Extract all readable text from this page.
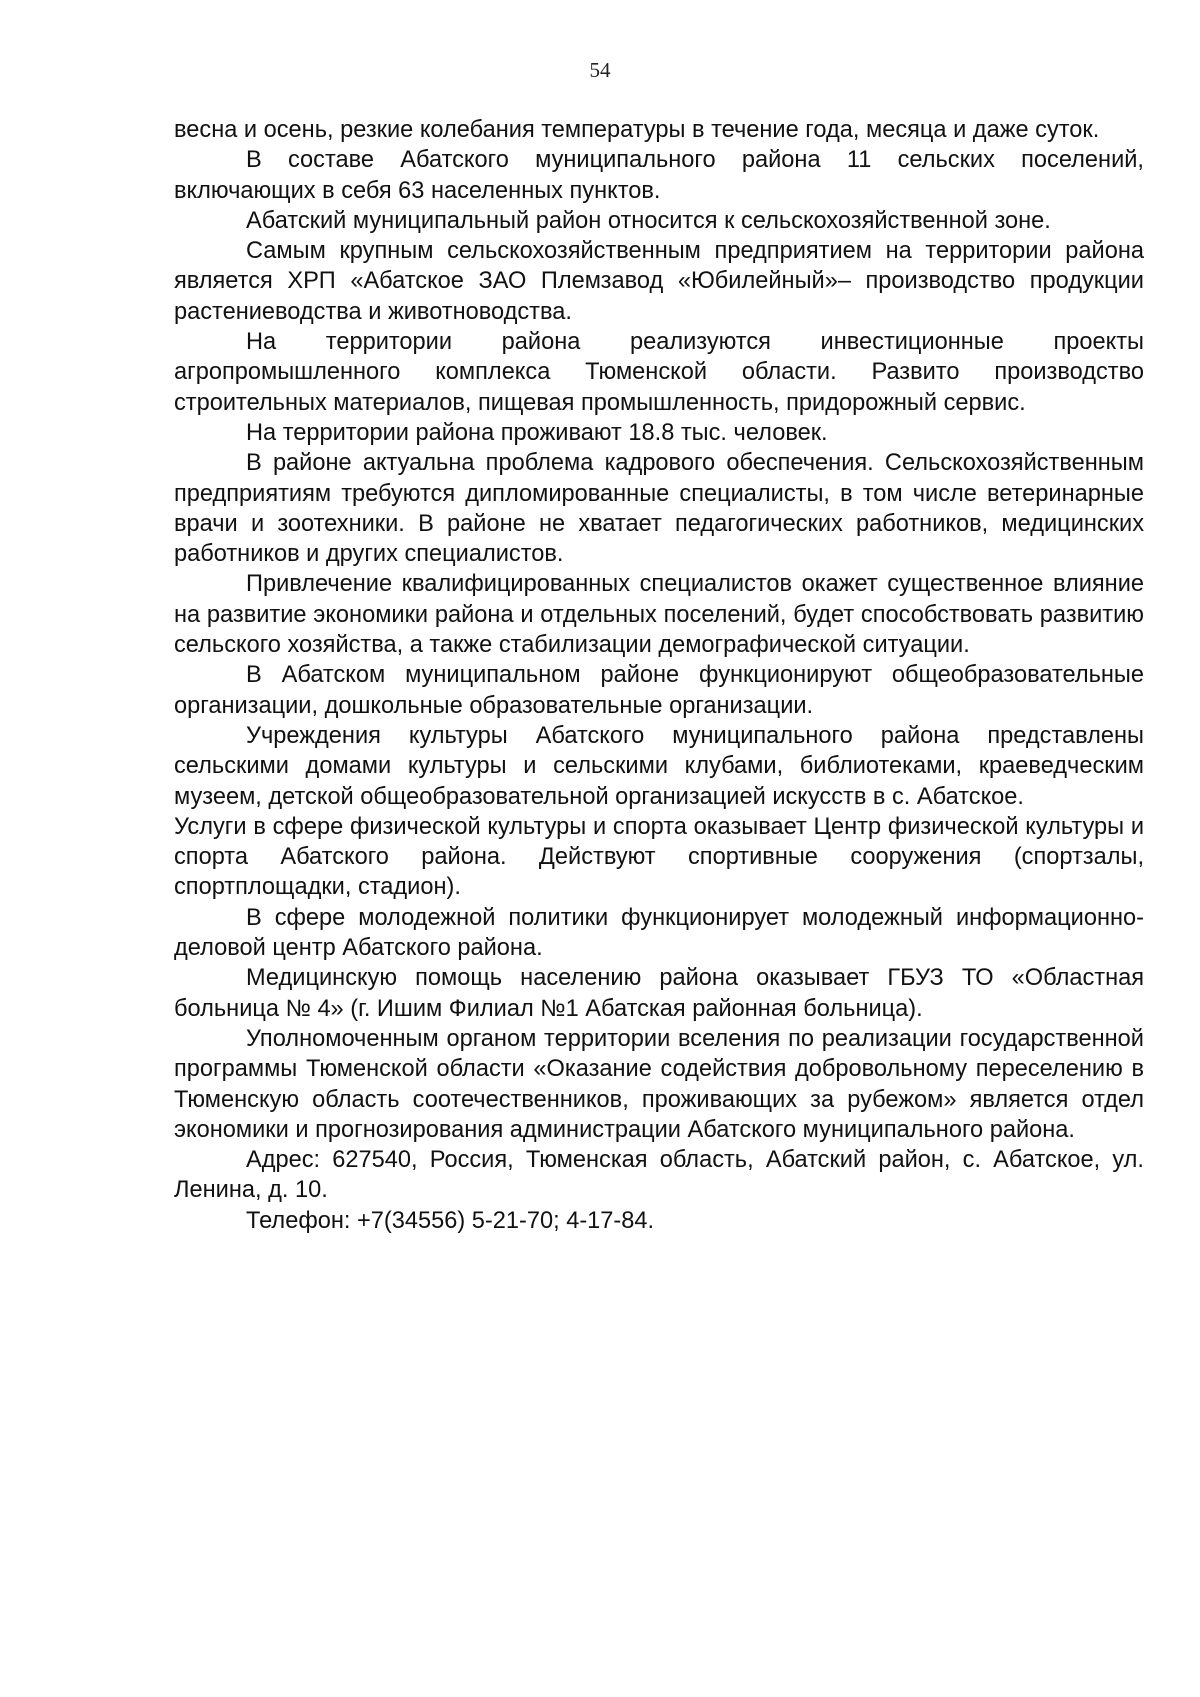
54

весна и осень, резкие колебания температуры в течение года, месяца и даже суток.

В составе Абатского муниципального района 11 сельских поселений, включающих в себя 63 населенных пунктов.

Абатский муниципальный район относится к сельскохозяйственной зоне.

Самым крупным сельскохозяйственным предприятием на территории района является ХРП «Абатское ЗАО Племзавод «Юбилейный»– производство продукции растениеводства и животноводства.

На территории района реализуются инвестиционные проекты агропромышленного комплекса Тюменской области. Развито производство строительных материалов, пищевая промышленность, придорожный сервис.

На территории района проживают 18.8 тыс. человек.

В районе актуальна проблема кадрового обеспечения. Сельскохозяйственным предприятиям требуются дипломированные специалисты, в том числе ветеринарные врачи и зоотехники. В районе не хватает педагогических работников, медицинских работников и других специалистов.

Привлечение квалифицированных специалистов окажет существенное влияние на развитие экономики района и отдельных поселений, будет способствовать развитию сельского хозяйства, а также стабилизации демографической ситуации.

В Абатском муниципальном районе функционируют общеобразовательные организации, дошкольные образовательные организации.

Учреждения культуры Абатского муниципального района представлены сельскими домами культуры и сельскими клубами, библиотеками, краеведческим музеем, детской общеобразовательной организацией искусств в с. Абатское.

Услуги в сфере физической культуры и спорта оказывает Центр физической культуры и спорта Абатского района. Действуют спортивные сооружения (спортзалы, спортплощадки, стадион).

В сфере молодежной политики функционирует молодежный информационно-деловой центр Абатского района.

Медицинскую помощь населению района оказывает ГБУЗ ТО «Областная больница № 4» (г. Ишим Филиал №1 Абатская районная больница).

Уполномоченным органом территории вселения по реализации государственной программы Тюменской области «Оказание содействия добровольному переселению в Тюменскую область соотечественников, проживающих за рубежом» является отдел экономики и прогнозирования администрации Абатского муниципального района.

Адрес: 627540, Россия, Тюменская область, Абатский район, с. Абатское, ул. Ленина, д. 10.

Телефон: +7(34556) 5-21-70; 4-17-84.
